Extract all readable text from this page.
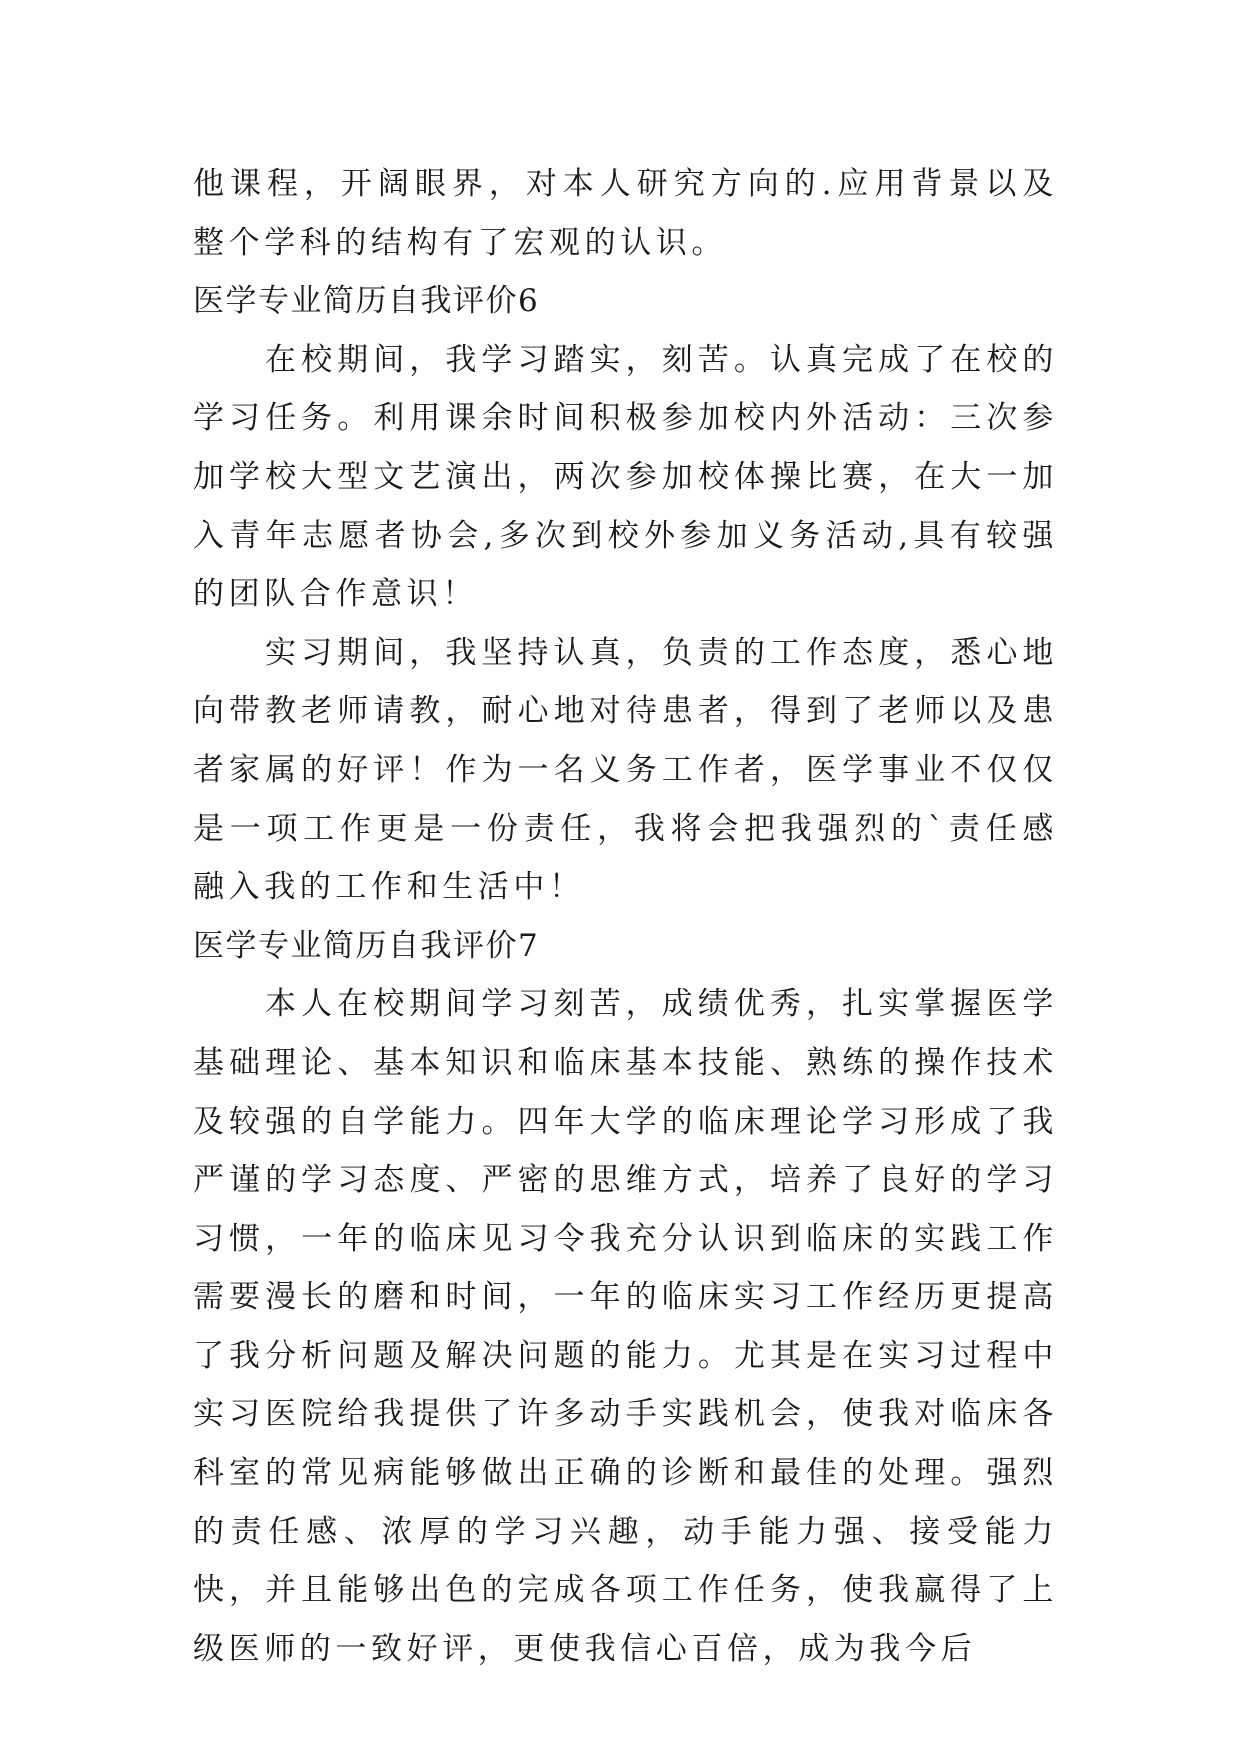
他课程，开阔眼界，对本人研究方向的.应用背景以及整个学科的结构有了宏观的认识。

医学专业简历自我评价6

在校期间，我学习踏实，刻苦。认真完成了在校的学习任务。利用课余时间积极参加校内外活动：三次参加学校大型文艺演出，两次参加校体操比赛，在大一加入青年志愿者协会,多次到校外参加义务活动,具有较强的团队合作意识！

实习期间，我坚持认真，负责的工作态度，悉心地向带教老师请教，耐心地对待患者，得到了老师以及患者家属的好评！作为一名义务工作者，医学事业不仅仅是一项工作更是一份责任，我将会把我强烈的`责任感融入我的工作和生活中！

医学专业简历自我评价7

本人在校期间学习刻苦，成绩优秀，扎实掌握医学基础理论、基本知识和临床基本技能、熟练的操作技术及较强的自学能力。四年大学的临床理论学习形成了我严谨的学习态度、严密的思维方式，培养了良好的学习习惯，一年的临床见习令我充分认识到临床的实践工作需要漫长的磨和时间，一年的临床实习工作经历更提高了我分析问题及解决问题的能力。尤其是在实习过程中实习医院给我提供了许多动手实践机会，使我对临床各科室的常见病能够做出正确的诊断和最佳的处理。强烈的责任感、浓厚的学习兴趣，动手能力强、接受能力快，并且能够出色的完成各项工作任务，使我赢得了上级医师的一致好评，更使我信心百倍，成为我今后
